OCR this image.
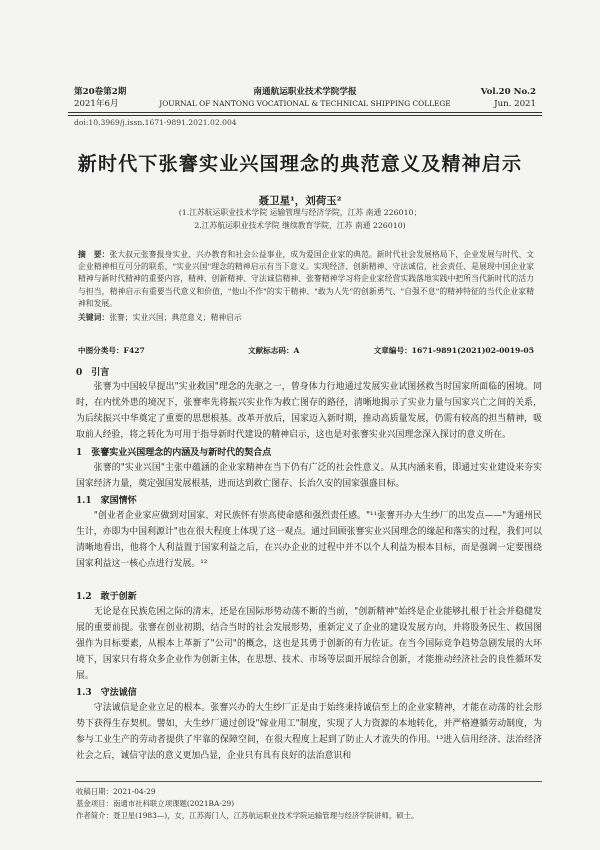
第20卷第2期
2021年6月
南通航运职业技术学院学报
JOURNAL OF NANTONG VOCATIONAL & TECHNICAL SHIPPING COLLEGE
Vol.20 No.2
Jun. 2021
doi:10.3969/j.issn.1671-9891.2021.02.004
新时代下张謇实业兴国理念的典范意义及精神启示
聂卫星¹，刘荷玉²
(1.江苏航运职业技术学院 运输管理与经济学院，江苏 南通 226010；
2.江苏航运职业技术学院 继续教育学院，江苏 南通 226010)
摘　要：张大叔元张謇报身实业、兴办教育和社会公益事业，成为爱国企业家的典范。新时代社会发展格局下，企业发展与时代、文企业精神相互可分的联系，"实业兴国"理念的精神启示有当下意义。实现经济、创新精神、守法诚信、社会责任、是展现中国企业家精神与新时代精神的重要内容，精神、创新精神、守法诚信精神、张謇精神学习将企业家经营实践落地实践中把所当代新时代的活力与担当，精神启示有重要当代意义和价值，"他山不作"的实干精神、"敢为人先"的创新勇气、"自强不息"的精神特征的当代企业家精神和发展。
关键词：张謇；实业兴国；典范意义；精神启示
中图分类号：F427	文献标志码：A	文章编号：1671-9891(2021)02-0019-05
0　引言
张謇为中国较早提出"实业救国"理念的先驱之一，曾身体力行地通过发展实业试图拯救当时国家所面临的困境。同时，在内忧外患的境况下，张謇率先将振兴实业作为救亡图存的路径，清晰地揭示了实业力量与国家兴亡之间的关系，为后续振兴中华奠定了重要的思想根基。改革开放后，国家迈入新时期，推动高质量发展，仍需有较高的担当精神，吸取前人经验，将之转化为可用于指导新时代建设的精神启示，这也是对张謇实业兴国理念深入探讨的意义所在。
1　张謇实业兴国理念的内涵及与新时代的契合点
张謇的"实业兴国"主张中蕴涵的企业家精神在当下仍有广泛的社会性意义。从其内涵来看，即通过实业建设来夯实国家经济力量，奠定强国发展根基，进而达到救亡图存、长治久安的国家强盛目标。
1.1　家国情怀
"创业者企业家应做到对国家、对民族怀有崇高使命感和强烈责任感。"¹¹张謇开办大生纱厂的出发点——"为通州民生计，亦即为中国利源计"也在很大程度上体现了这一观点。通过回顾张謇实业兴国理念的缘起和落实的过程，我们可以清晰地看出，他将个人利益置于国家利益之后，在兴办企业的过程中并不以个人利益为根本目标，而是强调一定要围绕国家利益这一核心点进行发展。¹²
1.2　敢于创新
无论是在民族危困之际的清末，还是在国际形势动荡不断的当前，"创新精神"始终是企业能够扎根于社会并稳健发展的重要前提。张謇在创业初期，结合当时的社会发展形势，重新定义了企业的建设发展方向，并将股务民生、救国图强作为目标要素，从根本上革新了"公司"的概念，这也是其勇于创新的有力佐证。在当今国际竞争趋势急剧发展的大环境下，国家只有将众多企业作为创新主体，在思想、技术、市场等层面开展综合创新，才能推动经济社会的良性循环发展。
1.3　守法诚信
守法诚信是企业立足的根本。张謇兴办的大生纱厂正是由于始终秉持诚信至上的企业家精神，才能在动荡的社会形势下获得生存契机。譬如，大生纱厂通过创设"嫁业用工"制度，实现了人力资源的本地转化，并严格遵循劳动制度，为参与工业生产的劳动者提供了牢靠的保障空间，在很大程度上起到了防止人才流失的作用。¹³进入信用经济、法治经济社会之后，诚信守法的意义更加凸显，企业只有具有良好的法治意识和
收稿日期：2021-04-29
基金项目：南通市社科联立项课题(2021BA-29)
作者简介：聂卫星(1983—)，女，江苏海门人，江苏航运职业技术学院运输管理与经济学院讲师，硕士。
